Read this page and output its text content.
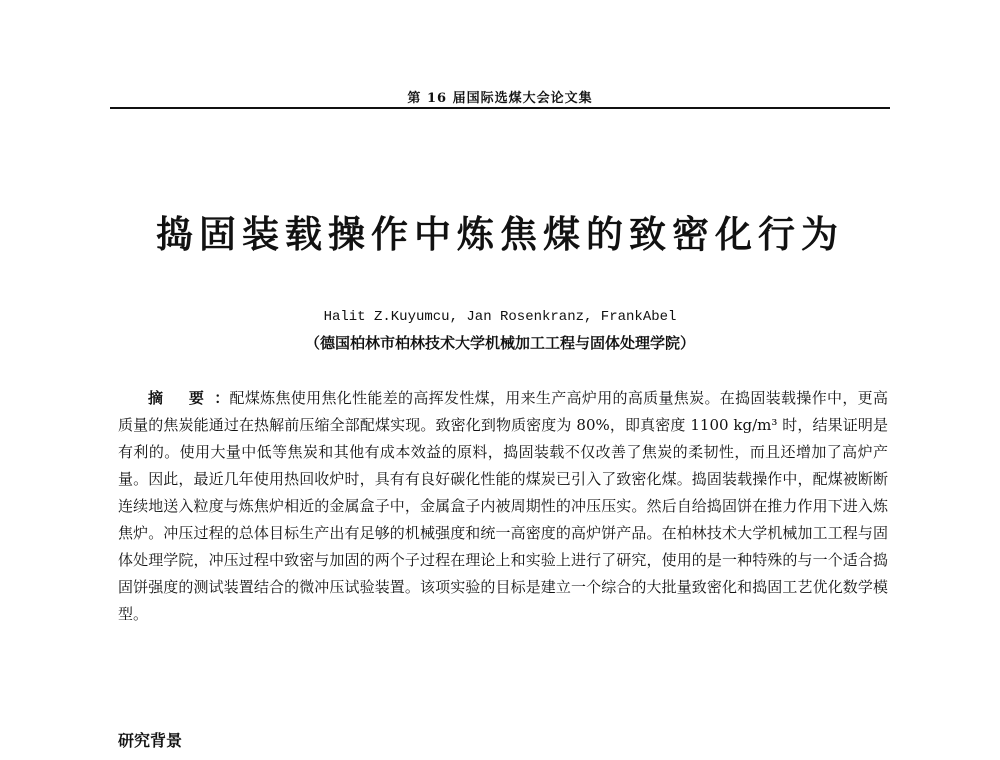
第 16 届国际选煤大会论文集
捣固装载操作中炼焦煤的致密化行为
Halit Z.Kuyumcu, Jan Rosenkranz, FrankAbel
（德国柏林市柏林技术大学机械加工工程与固体处理学院）

摘 要：配煤炼焦使用焦化性能差的高挥发性煤，用来生产高炉用的高质量焦炭。在捣固装载操作中，更高质量的焦炭能通过在热解前压缩全部配煤实现。致密化到物质密度为 80%，即真密度 1100 kg/m³ 时，结果证明是有利的。使用大量中低等焦炭和其他有成本效益的原料，捣固装载不仅改善了焦炭的柔韧性，而且还增加了高炉产量。因此，最近几年使用热回收炉时，具有有良好碳化性能的煤炭已引入了致密化煤。捣固装载操作中，配煤被断断连续地送入粒度与炼焦炉相近的金属盒子中，金属盒子内被周期性的冲压压实。然后自给捣固饼在推力作用下进入炼焦炉。冲压过程的总体目标生产出有足够的机械强度和统一高密度的高炉饼产品。在柏林技术大学机械加工工程与固体处理学院，冲压过程中致密与加固的两个子过程在理论上和实验上进行了研究，使用的是一种特殊的与一个适合捣固饼强度的测试装置结合的微冲压试验装置。该项实验的目标是建立一个综合的大批量致密化和捣固工艺优化数学模型。

研究背景
